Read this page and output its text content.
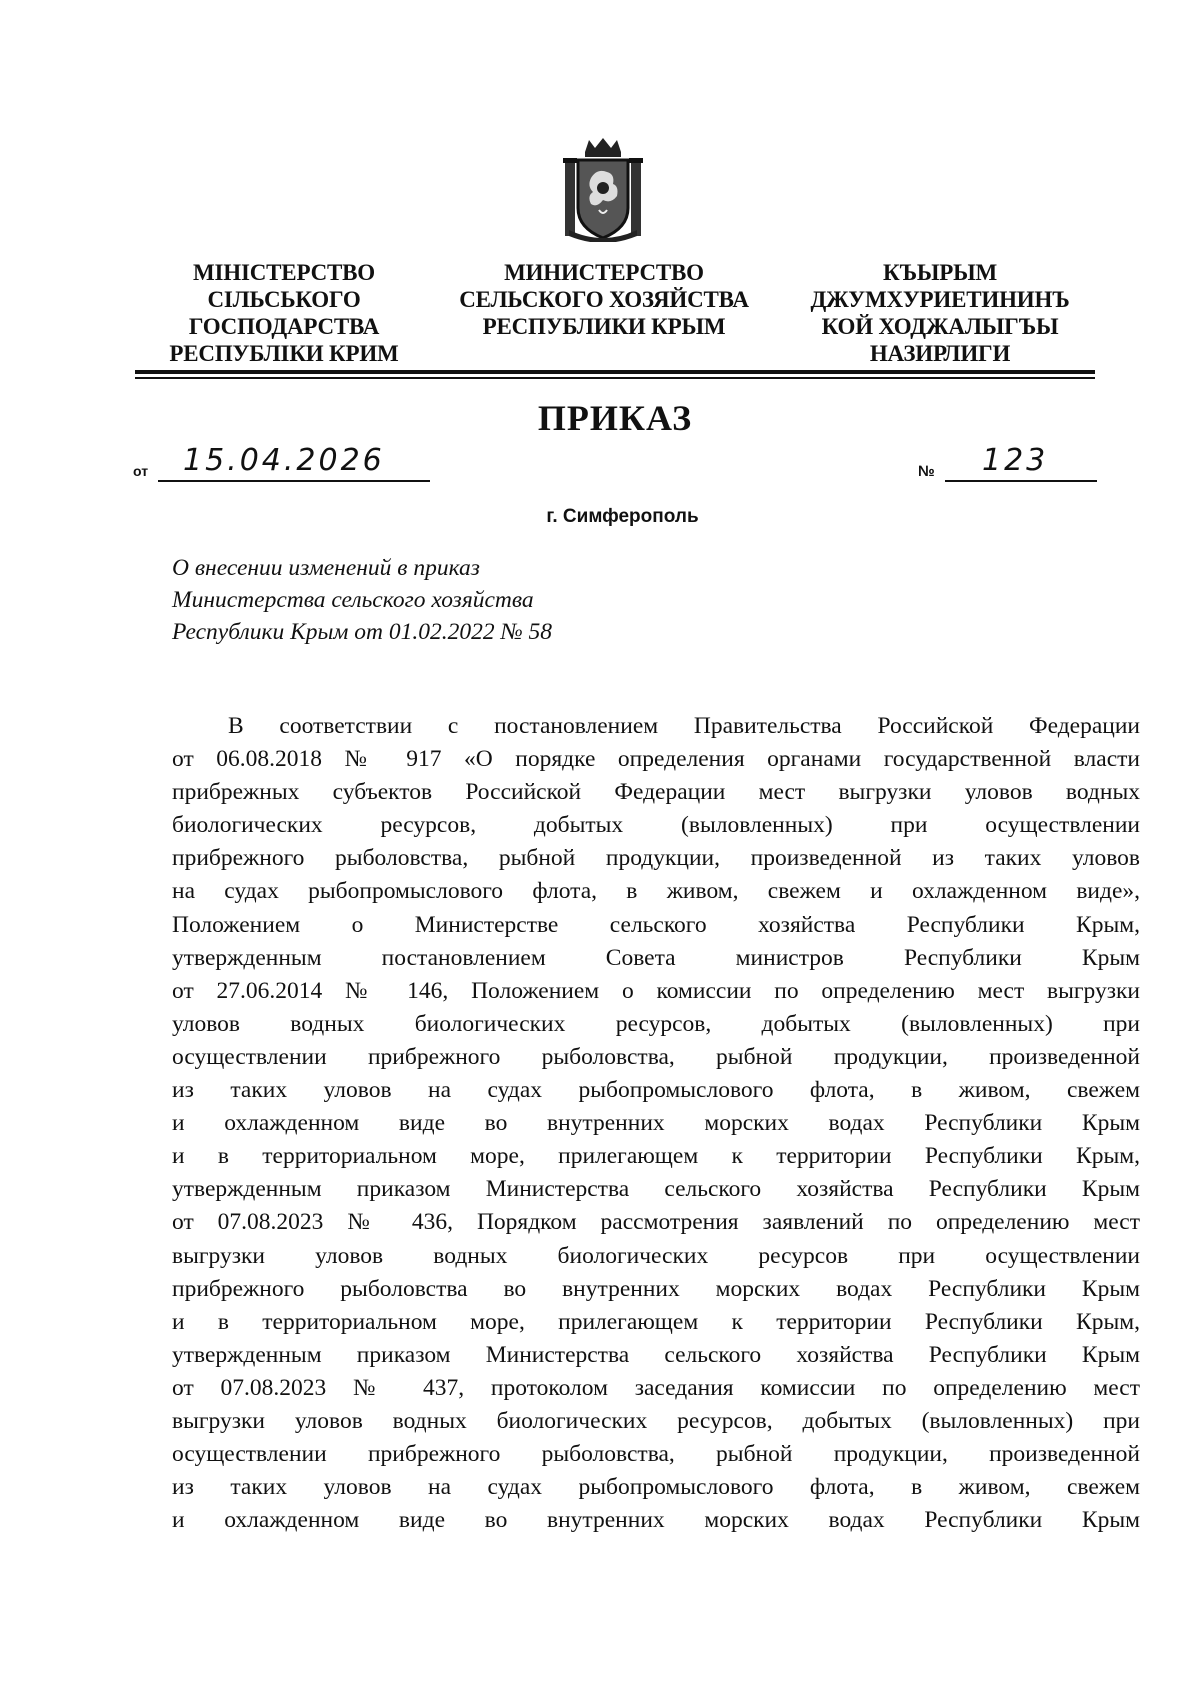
МІНІСТЕРСТВО
СІЛЬСЬКОГО
ГОСПОДАРСТВА
РЕСПУБЛІКИ КРИМ
МИНИСТЕРСТВО
СЕЛЬСКОГО ХОЗЯЙСТВА
РЕСПУБЛИКИ КРЫМ
КЪЫРЫМ
ДЖУМХУРИЕТИНИНЪ
КОЙ ХОДЖАЛЫГЪЫ
НАЗИРЛИГИ
ПРИКАЗ
от 15.04.2026	№ 123
г. Симферополь
О внесении изменений в приказ
Министерства сельского хозяйства
Республики Крым от 01.02.2022 № 58
В соответствии с постановлением Правительства Российской Федерации
от 06.08.2018 № 917 «О порядке определения органами государственной власти
прибрежных субъектов Российской Федерации мест выгрузки уловов водных
биологических ресурсов, добытых (выловленных) при осуществлении
прибрежного рыболовства, рыбной продукции, произведенной из таких уловов
на судах рыбопромыслового флота, в живом, свежем и охлажденном виде»,
Положением о Министерстве сельского хозяйства Республики Крым,
утвержденным постановлением Совета министров Республики Крым
от 27.06.2014 № 146, Положением о комиссии по определению мест выгрузки
уловов водных биологических ресурсов, добытых (выловленных) при
осуществлении прибрежного рыболовства, рыбной продукции, произведенной
из таких уловов на судах рыбопромыслового флота, в живом, свежем
и охлажденном виде во внутренних морских водах Республики Крым
и в территориальном море, прилегающем к территории Республики Крым,
утвержденным приказом Министерства сельского хозяйства Республики Крым
от 07.08.2023 № 436, Порядком рассмотрения заявлений по определению мест
выгрузки уловов водных биологических ресурсов при осуществлении
прибрежного рыболовства во внутренних морских водах Республики Крым
и в территориальном море, прилегающем к территории Республики Крым,
утвержденным приказом Министерства сельского хозяйства Республики Крым
от 07.08.2023 № 437, протоколом заседания комиссии по определению мест
выгрузки уловов водных биологических ресурсов, добытых (выловленных) при
осуществлении прибрежного рыболовства, рыбной продукции, произведенной
из таких уловов на судах рыбопромыслового флота, в живом, свежем
и охлажденном виде во внутренних морских водах Республики Крым
